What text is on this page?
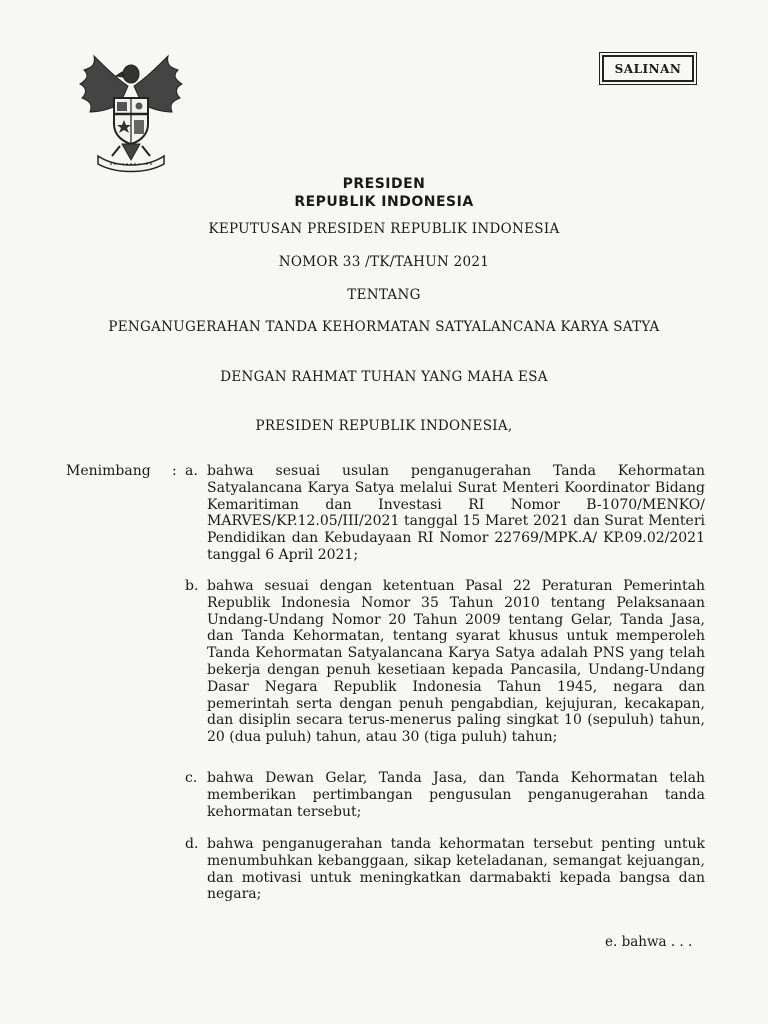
SALINAN
PRESIDEN
REPUBLIK INDONESIA
KEPUTUSAN PRESIDEN REPUBLIK INDONESIA
NOMOR 33 /TK/TAHUN 2021
TENTANG
PENGANUGERAHAN TANDA KEHORMATAN SATYALANCANA KARYA SATYA
DENGAN RAHMAT TUHAN YANG MAHA ESA
PRESIDEN REPUBLIK INDONESIA,
Menimbang : a. bahwa sesuai usulan penganugerahan Tanda Kehormatan Satyalancana Karya Satya melalui Surat Menteri Koordinator Bidang Kemaritiman dan Investasi RI Nomor B-1070/MENKO/ MARVES/KP.12.05/III/2021 tanggal 15 Maret 2021 dan Surat Menteri Pendidikan dan Kebudayaan RI Nomor 22769/MPK.A/ KP.09.02/2021 tanggal 6 April 2021;
b. bahwa sesuai dengan ketentuan Pasal 22 Peraturan Pemerintah Republik Indonesia Nomor 35 Tahun 2010 tentang Pelaksanaan Undang-Undang Nomor 20 Tahun 2009 tentang Gelar, Tanda Jasa, dan Tanda Kehormatan, tentang syarat khusus untuk memperoleh Tanda Kehormatan Satyalancana Karya Satya adalah PNS yang telah bekerja dengan penuh kesetiaan kepada Pancasila, Undang-Undang Dasar Negara Republik Indonesia Tahun 1945, negara dan pemerintah serta dengan penuh pengabdian, kejujuran, kecakapan, dan disiplin secara terus-menerus paling singkat 10 (sepuluh) tahun, 20 (dua puluh) tahun, atau 30 (tiga puluh) tahun;
c. bahwa Dewan Gelar, Tanda Jasa, dan Tanda Kehormatan telah memberikan pertimbangan pengusulan penganugerahan tanda kehormatan tersebut;
d. bahwa penganugerahan tanda kehormatan tersebut penting untuk menumbuhkan kebanggaan, sikap keteladanan, semangat kejuangan, dan motivasi untuk meningkatkan darmabakti kepada bangsa dan negara;
e. bahwa . . .
